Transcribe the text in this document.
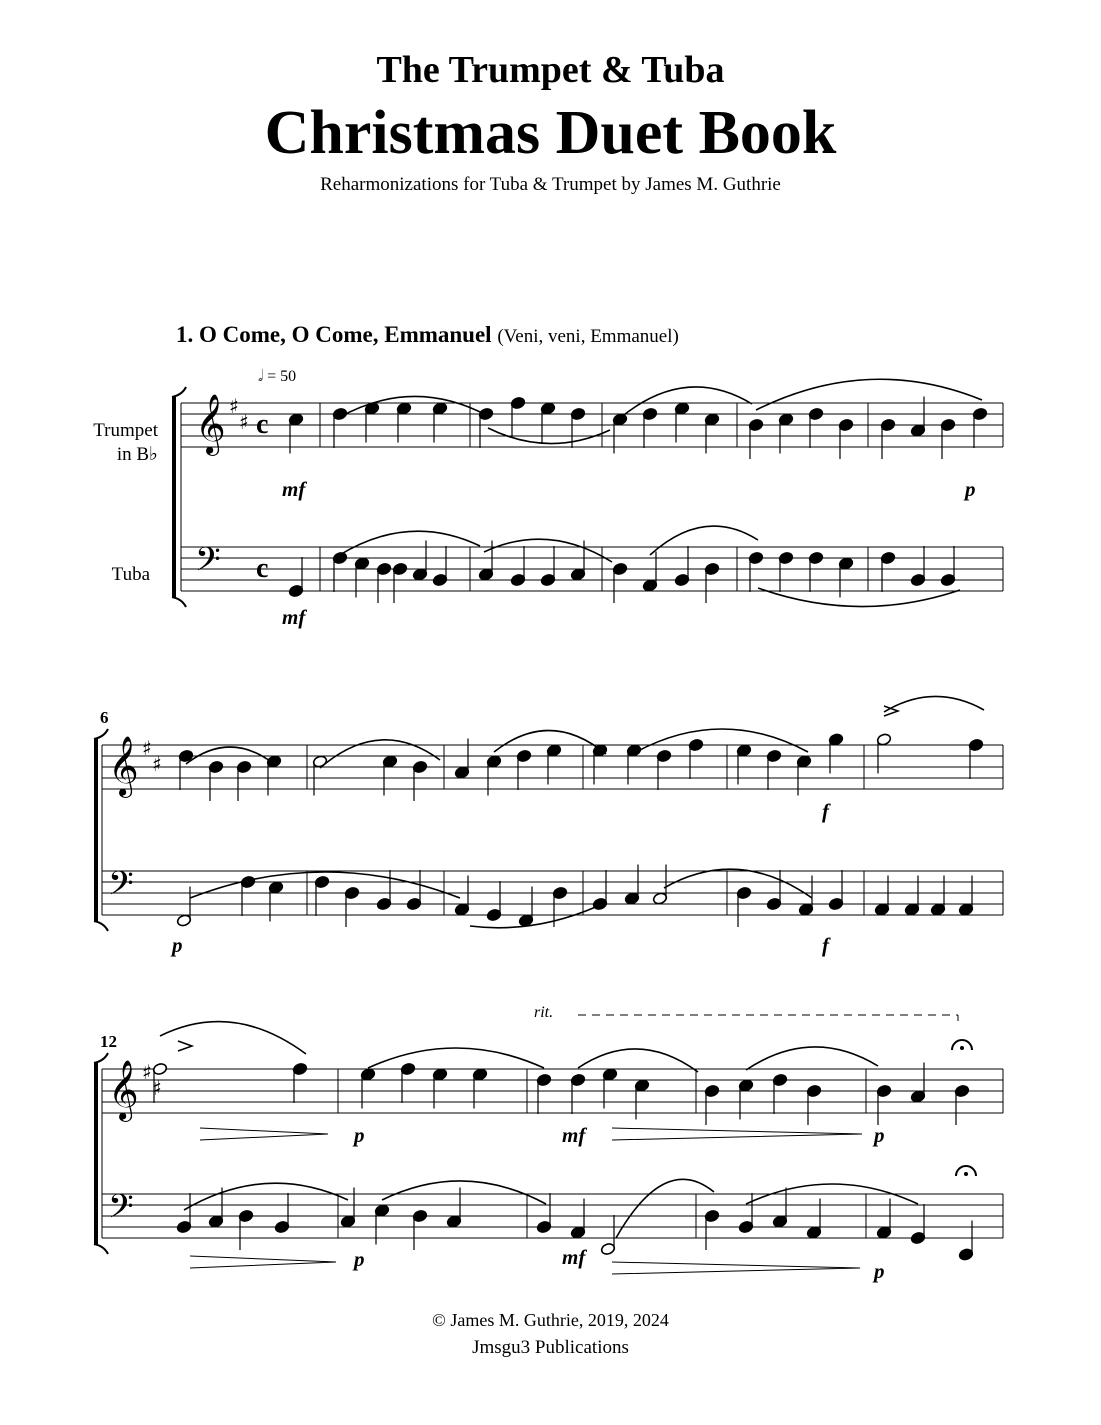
The Trumpet & Tuba
Christmas Duet Book
Reharmonizations for Tuba & Trumpet by James M. Guthrie
1. O Come, O Come, Emmanuel (Veni, veni, Emmanuel)
𝅗𝅥 = 50
Trumpet
in B♭
Tuba
6
12
rit.
© James M. Guthrie, 2019, 2024
Jmsgu3 Publications
𝄞
𝄢
♯
♯ c
c
𝄞
𝄢
♯
♯
𝄞
𝄢
♯
♯
mf	p
mf
f
p	f
p	mf	p
p	mf
p
